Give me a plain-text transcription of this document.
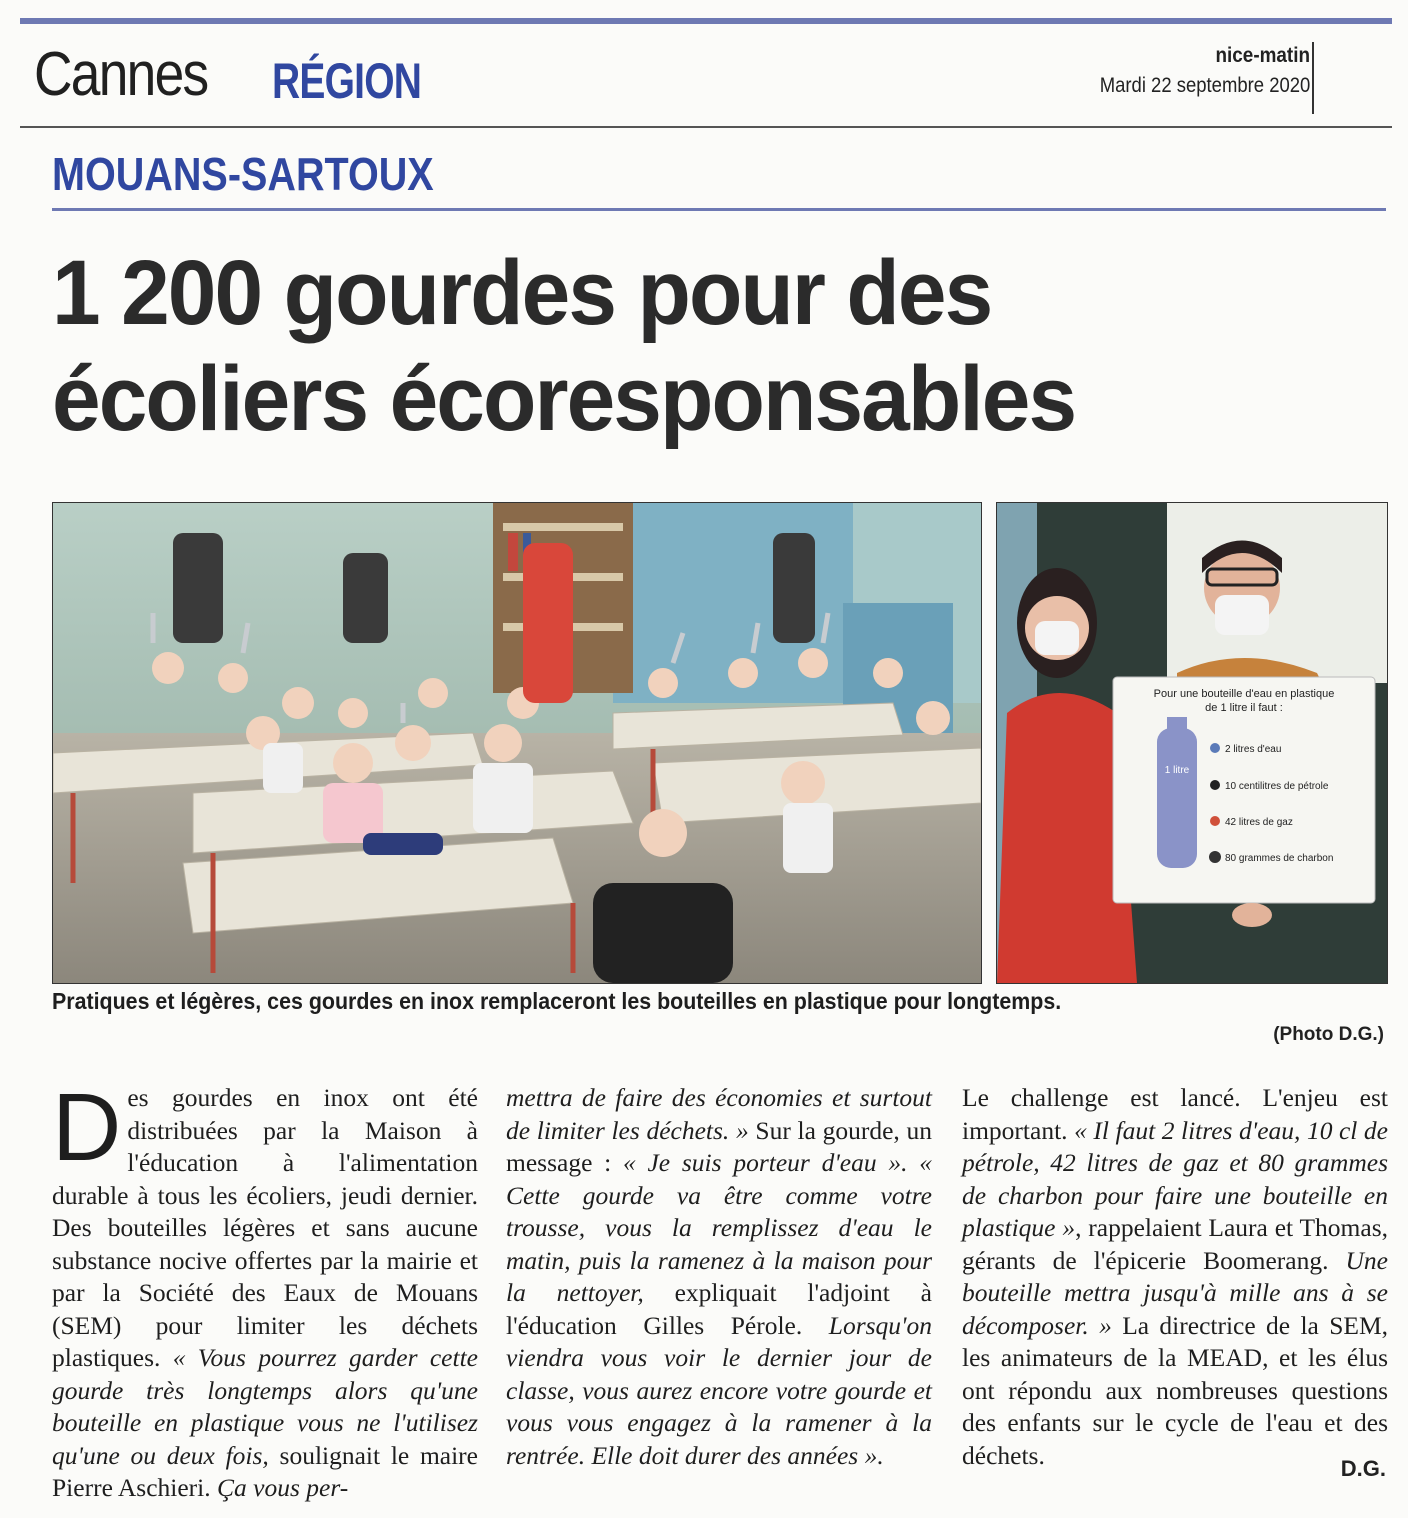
Cannes RÉGION	nice-matin
Mardi 22 septembre 2020
MOUANS-SARTOUX
1 200 gourdes pour des
écoliers écoresponsables
Pour une bouteille d'eau en plastique
de 1 litre il faut :
1 litre
2 litres d'eau
10 centilitres de pétrole
42 litres de gaz
80 grammes de charbon
Pratiques et légères, ces gourdes en inox remplaceront les bouteilles en plastique pour longtemps.
(Photo D.G.)

D es gourdes en inox ont été distribuées par la Maison à l'éducation à l'alimentation durable à tous les écoliers, jeudi dernier. Des bouteilles légères et sans aucune substance nocive offertes par la mairie et par la Société des Eaux de Mouans (SEM) pour limiter les déchets plastiques. « Vous pourrez garder cette gourde très longtemps alors qu'une bouteille en plastique vous ne l'utilisez qu'une ou deux fois, soulignait le maire Pierre Aschieri. Ça vous per-

mettra de faire des économies et surtout de limiter les déchets. » Sur la gourde, un message : « Je suis porteur d'eau ». « Cette gourde va être comme votre trousse, vous la remplissez d'eau le matin, puis la ramenez à la maison pour la nettoyer, expliquait l'adjoint à l'éducation Gilles Pérole. Lorsqu'on viendra vous voir le dernier jour de classe, vous aurez encore votre gourde et vous vous engagez à la ramener à la rentrée. Elle doit durer des années ».

Le challenge est lancé. L'enjeu est important. « Il faut 2 litres d'eau, 10 cl de pétrole, 42 litres de gaz et 80 grammes de charbon pour faire une bouteille en plastique », rappelaient Laura et Thomas, gérants de l'épicerie Boomerang. Une bouteille mettra jusqu'à mille ans à se décomposer. » La directrice de la SEM, les animateurs de la MEAD, et les élus ont répondu aux nombreuses questions des enfants sur le cycle de l'eau et des déchets.	D.G.
